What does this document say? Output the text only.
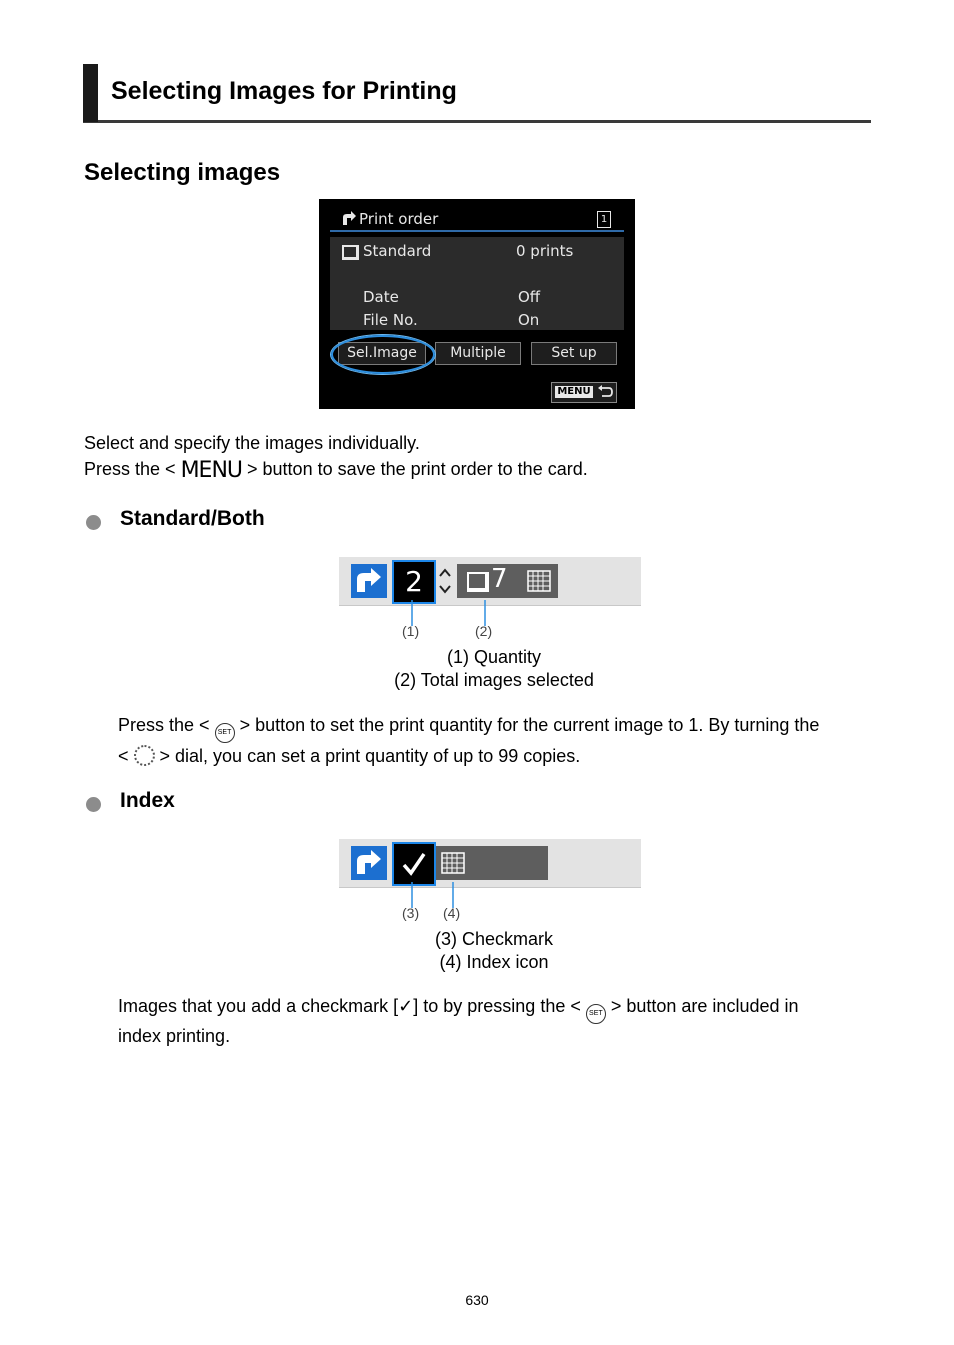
Selecting Images for Printing
Selecting images
Print order	1
Standard	0 prints
Date	Off
File No.	On
Sel.Image	Multiple	Set up
MENU
Select and specify the images individually.
Press the < MENU > button to save the print order to the card.
Standard/Both
2	7
(1)	(2)
(1) Quantity
(2) Total images selected
Press the < SET > button to set the print quantity for the current image to 1. By turning the
<  > dial, you can set a print quantity of up to 99 copies.
Index
(3) (4)
(3) Checkmark
(4) Index icon
Images that you add a checkmark [✓] to by pressing the < SET > button are included in
index printing.
630
